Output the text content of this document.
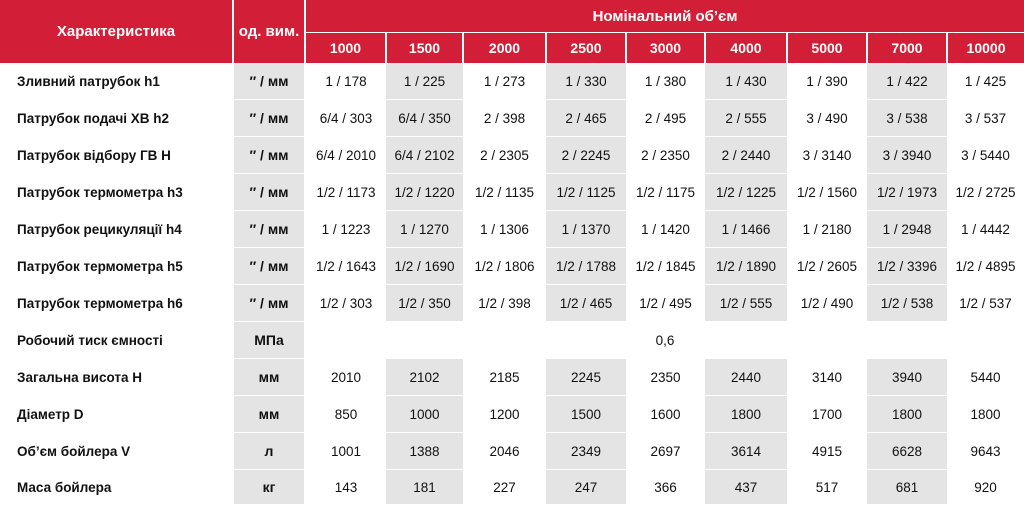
Характеристика	од. вим.	Номінальний об’єм								
		1000	1500	2000	2500	3000	4000	5000	7000	10000
Зливний патрубок h1	″ / мм	1 / 178	1 / 225	1 / 273	1 / 330	1 / 380	1 / 430	1 / 390	1 / 422	1 / 425
Патрубок подачі ХВ h2	″ / мм	6/4 / 303	6/4 / 350	2 / 398	2 / 465	2 / 495	2 / 555	3 / 490	3 / 538	3 / 537
Патрубок відбору ГВ Н	″ / мм	6/4 / 2010	6/4 / 2102	2 / 2305	2 / 2245	2 / 2350	2 / 2440	3 / 3140	3 / 3940	3 / 5440
Патрубок термометра h3	″ / мм	1/2 / 1173	1/2 / 1220	1/2 / 1135	1/2 / 1125	1/2 / 1175	1/2 / 1225	1/2 / 1560	1/2 / 1973	1/2 / 2725
Патрубок рецикуляції h4	″ / мм	1 / 1223	1 / 1270	1 / 1306	1 / 1370	1 / 1420	1 / 1466	1 / 2180	1 / 2948	1 / 4442
Патрубок термометра h5	″ / мм	1/2 / 1643	1/2 / 1690	1/2 / 1806	1/2 / 1788	1/2 / 1845	1/2 / 1890	1/2 / 2605	1/2 / 3396	1/2 / 4895
Патрубок термометра h6	″ / мм	1/2 / 303	1/2 / 350	1/2 / 398	1/2 / 465	1/2 / 495	1/2 / 555	1/2 / 490	1/2 / 538	1/2 / 537
Робочий тиск ємності	МПа	0,6								
Загальна висота Н	мм	2010	2102	2185	2245	2350	2440	3140	3940	5440
Діаметр D	мм	850	1000	1200	1500	1600	1800	1700	1800	1800
Об’єм бойлера V	л	1001	1388	2046	2349	2697	3614	4915	6628	9643
Маса бойлера	кг	143	181	227	247	366	437	517	681	920
